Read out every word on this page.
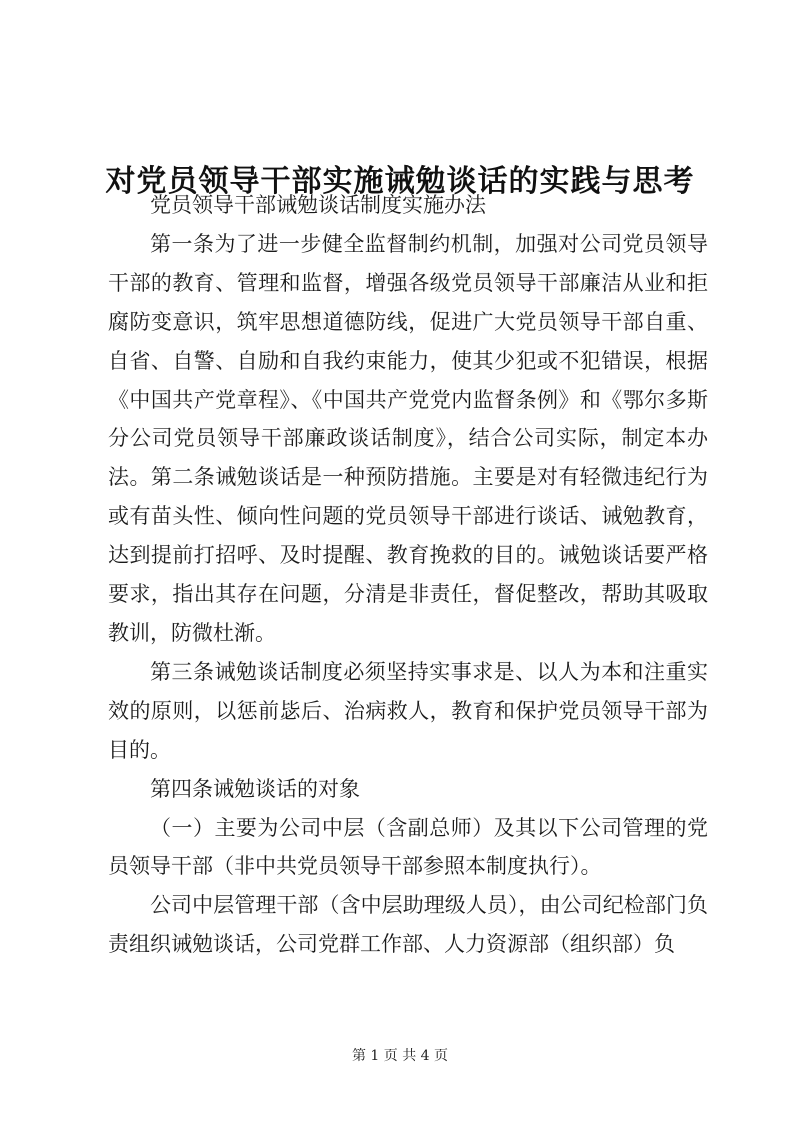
对党员领导干部实施诫勉谈话的实践与思考

党员领导干部诫勉谈话制度实施办法

第一条为了进一步健全监督制约机制，加强对公司党员领导干部的教育、管理和监督，增强各级党员领导干部廉洁从业和拒腐防变意识，筑牢思想道德防线，促进广大党员领导干部自重、自省、自警、自励和自我约束能力，使其少犯或不犯错误，根据《中国共产党章程》、《中国共产党党内监督条例》和《鄂尔多斯分公司党员领导干部廉政谈话制度》，结合公司实际，制定本办法。第二条诫勉谈话是一种预防措施。主要是对有轻微违纪行为或有苗头性、倾向性问题的党员领导干部进行谈话、诫勉教育，达到提前打招呼、及时提醒、教育挽救的目的。诫勉谈话要严格要求，指出其存在问题，分清是非责任，督促整改，帮助其吸取教训，防微杜渐。

第三条诫勉谈话制度必须坚持实事求是、以人为本和注重实效的原则，以惩前毖后、治病救人，教育和保护党员领导干部为目的。

第四条诫勉谈话的对象

（一）主要为公司中层（含副总师）及其以下公司管理的党员领导干部（非中共党员领导干部参照本制度执行）。

公司中层管理干部（含中层助理级人员），由公司纪检部门负责组织诫勉谈话，公司党群工作部、人力资源部（组织部）负

第 1 页 共 4 页
